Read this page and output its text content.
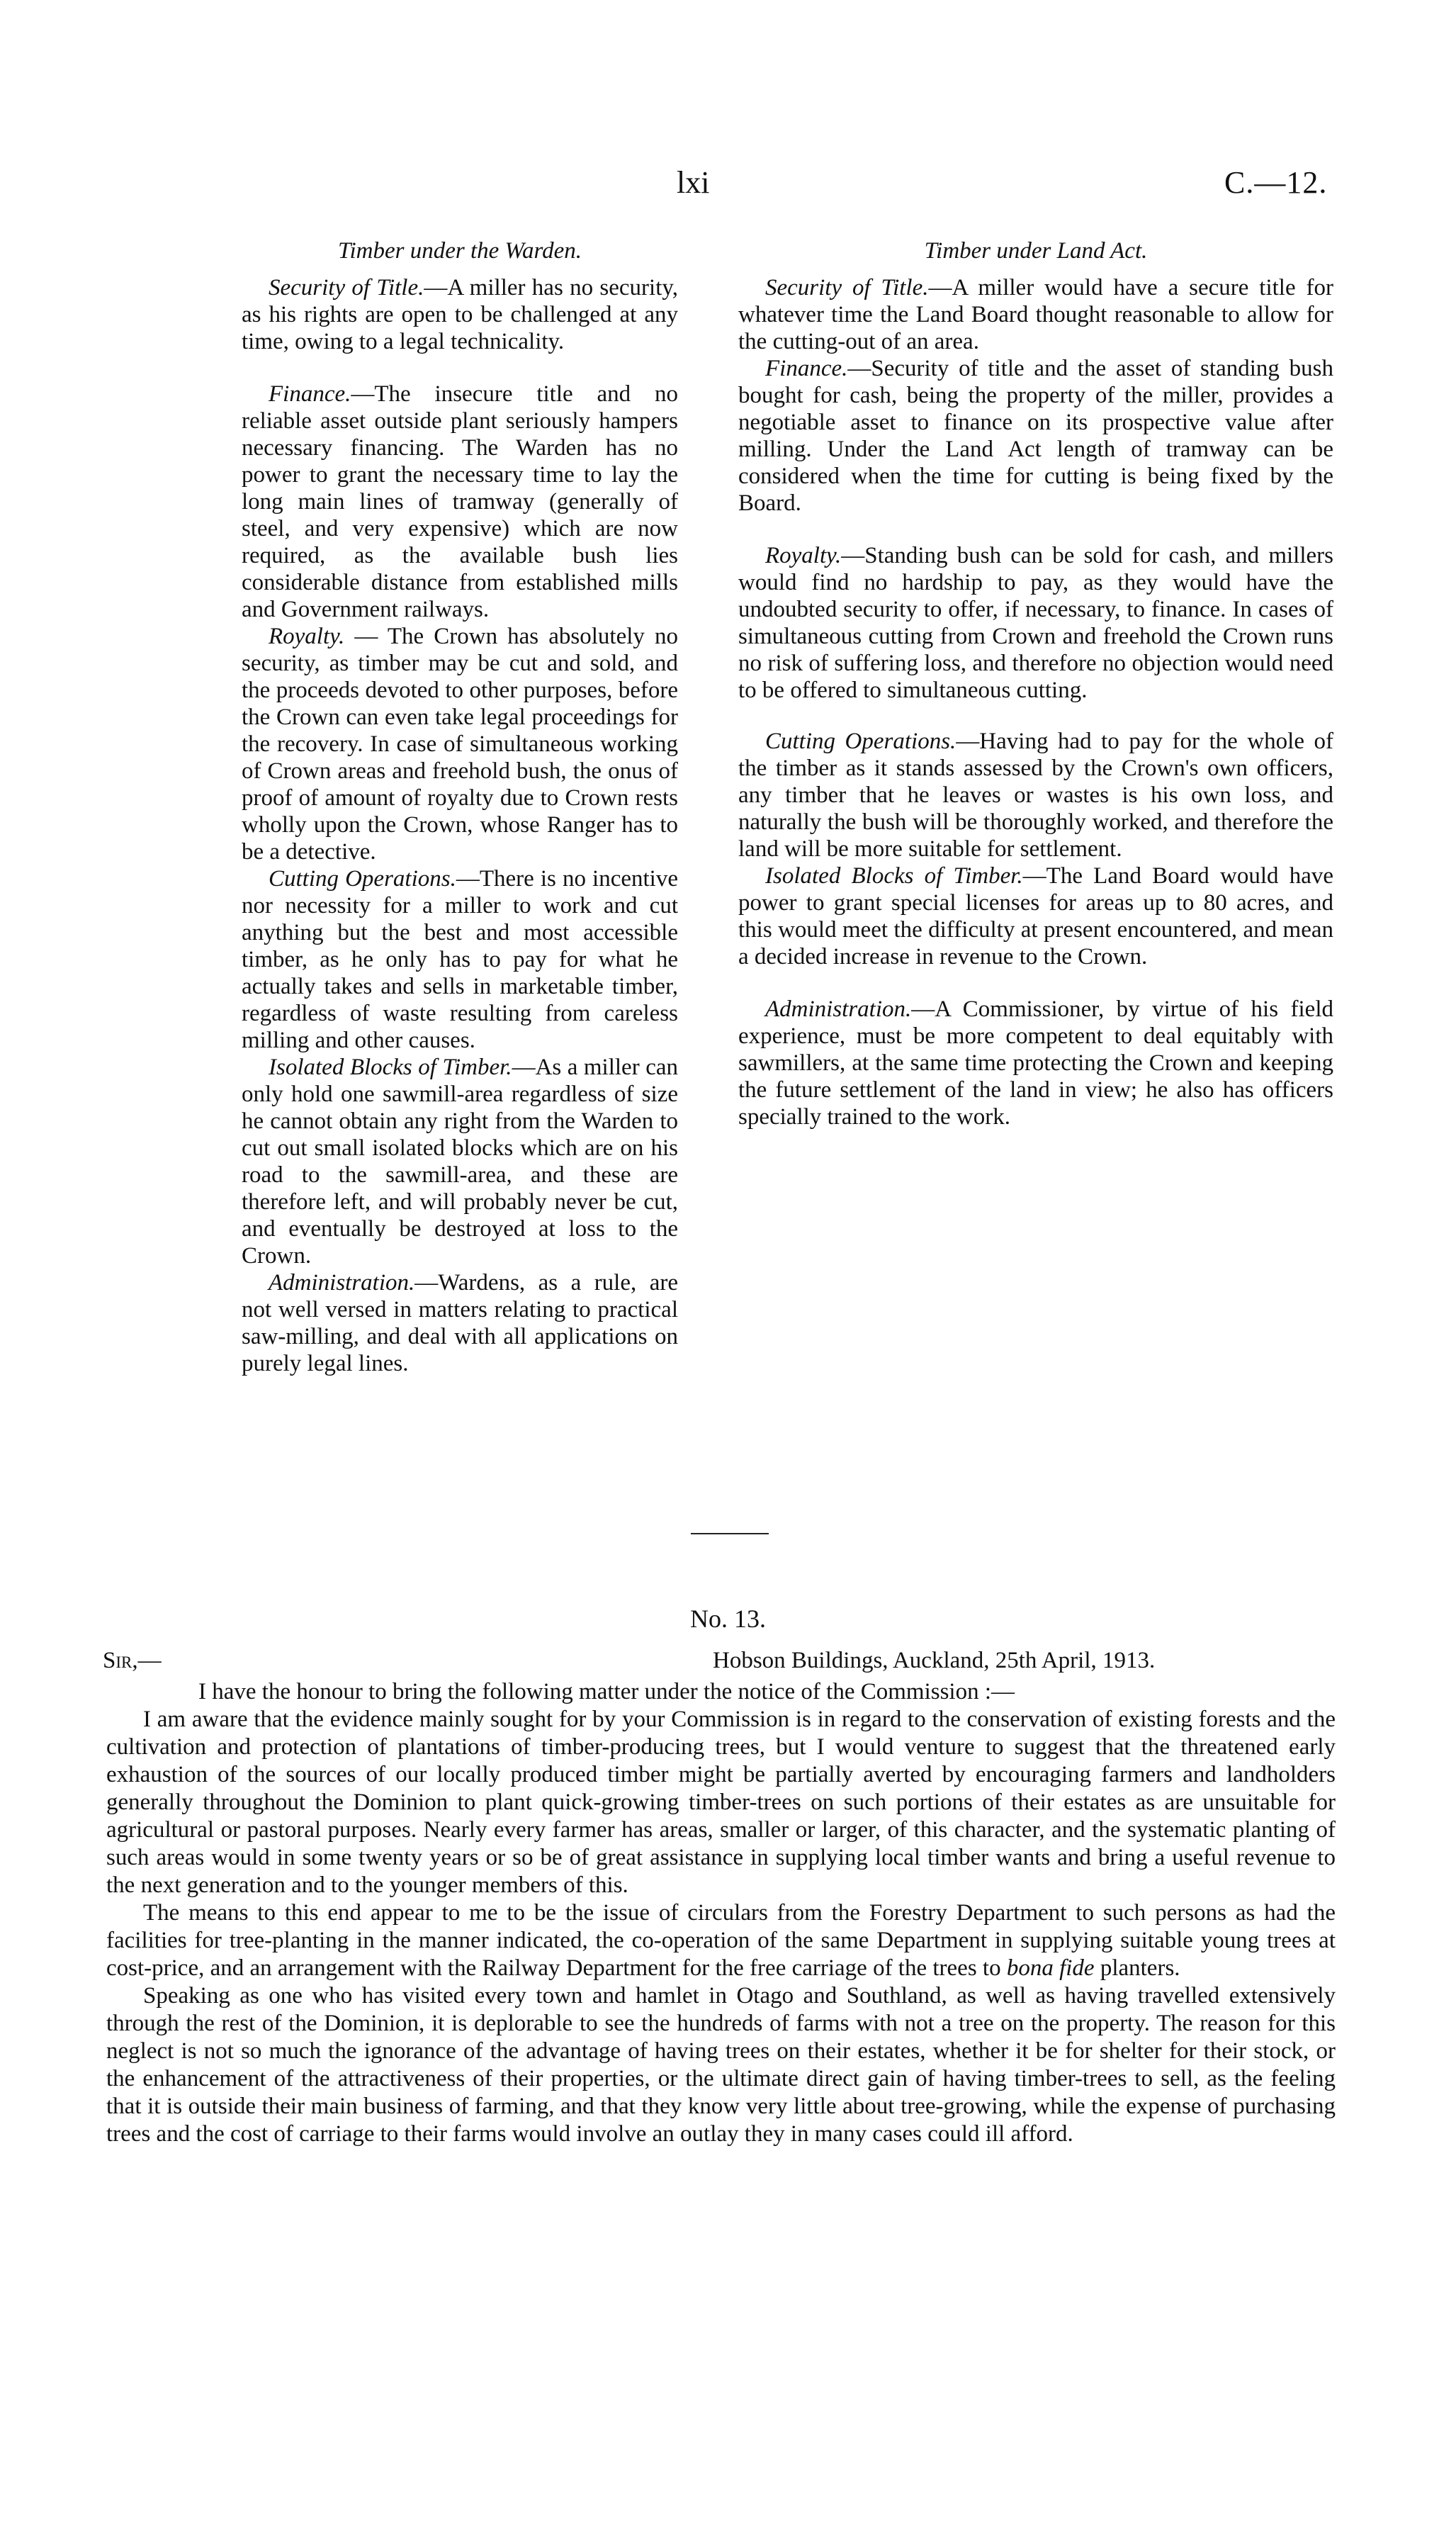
lxi	C.—12.

Timber under the Warden.

Security of Title.—A miller has no security, as his rights are open to be challenged at any time, owing to a legal technicality.

Finance.—The insecure title and no reliable asset outside plant seriously hampers necessary financing. The Warden has no power to grant the necessary time to lay the long main lines of tramway (generally of steel, and very expensive) which are now required, as the available bush lies considerable distance from established mills and Government railways.

Royalty. — The Crown has absolutely no security, as timber may be cut and sold, and the proceeds devoted to other purposes, before the Crown can even take legal proceedings for the recovery. In case of simultaneous working of Crown areas and freehold bush, the onus of proof of amount of royalty due to Crown rests wholly upon the Crown, whose Ranger has to be a detective.

Cutting Operations.—There is no incentive nor necessity for a miller to work and cut anything but the best and most accessible timber, as he only has to pay for what he actually takes and sells in marketable timber, regardless of waste resulting from careless milling and other causes.

Isolated Blocks of Timber.—As a miller can only hold one sawmill-area regardless of size he cannot obtain any right from the Warden to cut out small isolated blocks which are on his road to the sawmill-area, and these are therefore left, and will probably never be cut, and eventually be destroyed at loss to the Crown.

Administration.—Wardens, as a rule, are not well versed in matters relating to practical saw-milling, and deal with all applications on purely legal lines.

Timber under Land Act.

Security of Title.—A miller would have a secure title for whatever time the Land Board thought reasonable to allow for the cutting-out of an area.

Finance.—Security of title and the asset of standing bush bought for cash, being the property of the miller, provides a negotiable asset to finance on its prospective value after milling. Under the Land Act length of tramway can be considered when the time for cutting is being fixed by the Board.

Royalty.—Standing bush can be sold for cash, and millers would find no hardship to pay, as they would have the undoubted security to offer, if necessary, to finance. In cases of simultaneous cutting from Crown and freehold the Crown runs no risk of suffering loss, and therefore no objection would need to be offered to simultaneous cutting.

Cutting Operations.—Having had to pay for the whole of the timber as it stands assessed by the Crown's own officers, any timber that he leaves or wastes is his own loss, and naturally the bush will be thoroughly worked, and therefore the land will be more suitable for settlement.

Isolated Blocks of Timber.—The Land Board would have power to grant special licenses for areas up to 80 acres, and this would meet the difficulty at present encountered, and mean a decided increase in revenue to the Crown.

Administration.—A Commissioner, by virtue of his field experience, must be more competent to deal equitably with sawmillers, at the same time protecting the Crown and keeping the future settlement of the land in view; he also has officers specially trained to the work.

No. 13.
Sir,—	Hobson Buildings, Auckland, 25th April, 1913.

I have the honour to bring the following matter under the notice of the Commission :—

I am aware that the evidence mainly sought for by your Commission is in regard to the conservation of existing forests and the cultivation and protection of plantations of timber-producing trees, but I would venture to suggest that the threatened early exhaustion of the sources of our locally produced timber might be partially averted by encouraging farmers and landholders generally throughout the Dominion to plant quick-growing timber-trees on such portions of their estates as are unsuitable for agricultural or pastoral purposes. Nearly every farmer has areas, smaller or larger, of this character, and the systematic planting of such areas would in some twenty years or so be of great assistance in supplying local timber wants and bring a useful revenue to the next generation and to the younger members of this.

The means to this end appear to me to be the issue of circulars from the Forestry Department to such persons as had the facilities for tree-planting in the manner indicated, the co-operation of the same Department in supplying suitable young trees at cost-price, and an arrangement with the Railway Department for the free carriage of the trees to bona fide planters.

Speaking as one who has visited every town and hamlet in Otago and Southland, as well as having travelled extensively through the rest of the Dominion, it is deplorable to see the hundreds of farms with not a tree on the property. The reason for this neglect is not so much the ignorance of the advantage of having trees on their estates, whether it be for shelter for their stock, or the enhancement of the attractiveness of their properties, or the ultimate direct gain of having timber-trees to sell, as the feeling that it is outside their main business of farming, and that they know very little about tree-growing, while the expense of purchasing trees and the cost of carriage to their farms would involve an outlay they in many cases could ill afford.
